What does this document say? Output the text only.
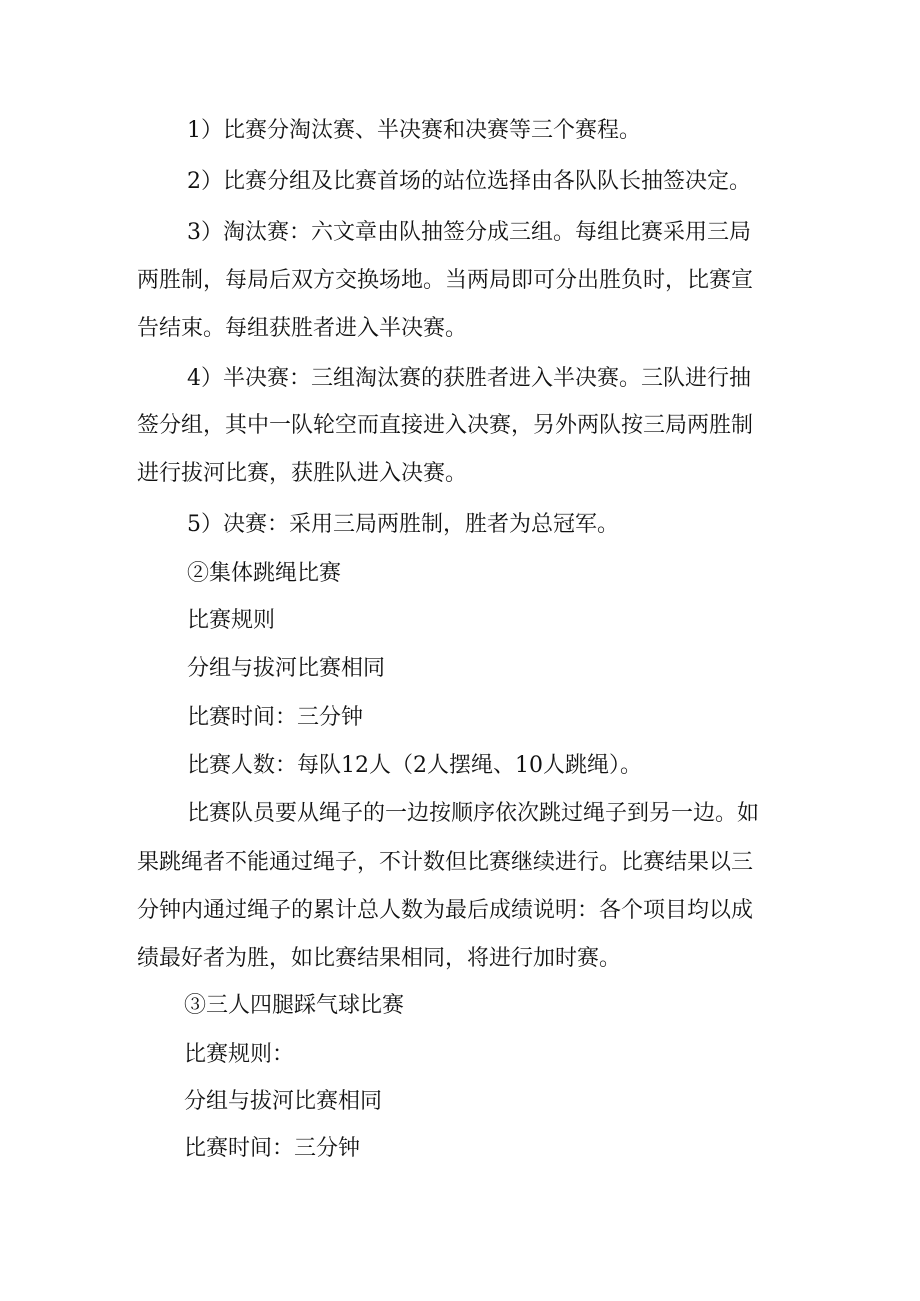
1）比赛分淘汰赛、半决赛和决赛等三个赛程。
2）比赛分组及比赛首场的站位选择由各队队长抽签决定。
3）淘汰赛：六文章由队抽签分成三组。每组比赛采用三局
两胜制，每局后双方交换场地。当两局即可分出胜负时，比赛宣
告结束。每组获胜者进入半决赛。
4）半决赛：三组淘汰赛的获胜者进入半决赛。三队进行抽
签分组，其中一队轮空而直接进入决赛，另外两队按三局两胜制
进行拔河比赛，获胜队进入决赛。
5）决赛：采用三局两胜制，胜者为总冠军。
②集体跳绳比赛
比赛规则
分组与拔河比赛相同
比赛时间：三分钟
比赛人数：每队12人（2人摆绳、10人跳绳）。
比赛队员要从绳子的一边按顺序依次跳过绳子到另一边。如
果跳绳者不能通过绳子，不计数但比赛继续进行。比赛结果以三
分钟内通过绳子的累计总人数为最后成绩说明：各个项目均以成
绩最好者为胜，如比赛结果相同，将进行加时赛。
③三人四腿踩气球比赛
比赛规则：
分组与拔河比赛相同
比赛时间：三分钟
